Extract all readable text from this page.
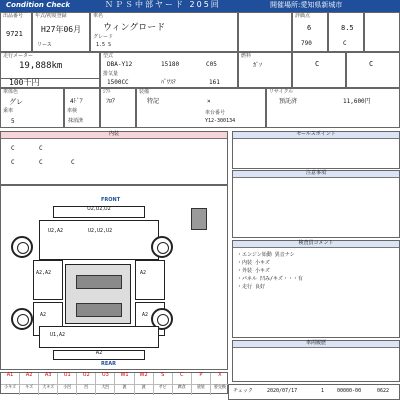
Condition Check	ＮＰＳ中部ヤード 205回	開催場所:愛知県新城市
出品番号
9721
年式/初度登録
H27年06月
リース
車名
ウィングロード
グレード
1.5 S
評価点
6
790
8.5
C
走行メーター
19,888km
型式
DBA-Y12	15180	C05
排気量
1500CC	ﾊﾟﾜｽﾃ	161
燃料
ｶﾞｿ	C	C
100千円
車体色
グレ
乗車
5
4ﾄﾞｱ
車検
抹消済
ｼﾌﾄ
ﾌﾛｱ
装備
特記	×
車台番号
Y12-300134
リサイクル
預託済	11,600円
内装
C	C
C	C	C
セールスポイント
注意事項
検査員コメント
・エンジン始動 異音ナシ
・内装 小キズ
・外装 小キズ
・パネル 凹み/キズ・・・有
・走行 良好
車両履歴
FRONT
U2,U2,U2
U2,A2	U2,U2,U2
A2,A2	A2
A2	A2
U1,A2
A2
REAR
A1	A2	A3	U1	U2	U3	W1	W2	S	C	P	X
小キズ	キズ	大キズ	小凹	凹	大凹	波	波	サビ	腐食	塗装	要交換
チェック	2020/07/17	1	00000-00	0622
